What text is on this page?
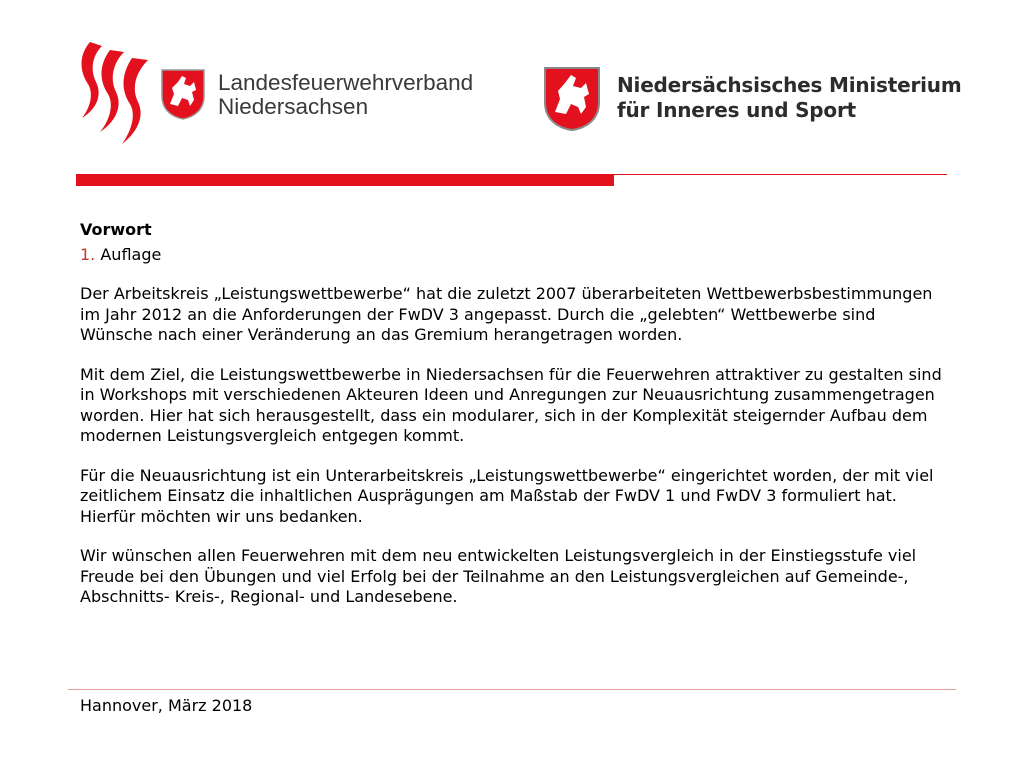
Landesfeuerwehrverband
Niedersachsen
Niedersächsisches Ministerium
für Inneres und Sport

Vorwort

1. Auflage

Der Arbeitskreis „Leistungswettbewerbe“ hat die zuletzt 2007 überarbeiteten Wettbewerbsbestimmungen im Jahr 2012 an die Anforderungen der FwDV 3 angepasst. Durch die „gelebten“ Wettbewerbe sind Wünsche nach einer Veränderung an das Gremium herangetragen worden.

Mit dem Ziel, die Leistungswettbewerbe in Niedersachsen für die Feuerwehren attraktiver zu gestalten sind in Workshops mit verschiedenen Akteuren Ideen und Anregungen zur Neuausrichtung zusammengetragen worden. Hier hat sich herausgestellt, dass ein modularer, sich in der Komplexität steigernder Aufbau dem modernen Leistungsvergleich entgegen kommt.

Für die Neuausrichtung ist ein Unterarbeitskreis „Leistungswettbewerbe“ eingerichtet worden, der mit viel zeitlichem Einsatz die inhaltlichen Ausprägungen am Maßstab der FwDV 1 und FwDV 3 formuliert hat. Hierfür möchten wir uns bedanken.

Wir wünschen allen Feuerwehren mit dem neu entwickelten Leistungsvergleich in der Einstiegsstufe viel Freude bei den Übungen und viel Erfolg bei der Teilnahme an den Leistungsvergleichen auf Gemeinde-, Abschnitts- Kreis-, Regional- und Landesebene.

Hannover, März 2018
